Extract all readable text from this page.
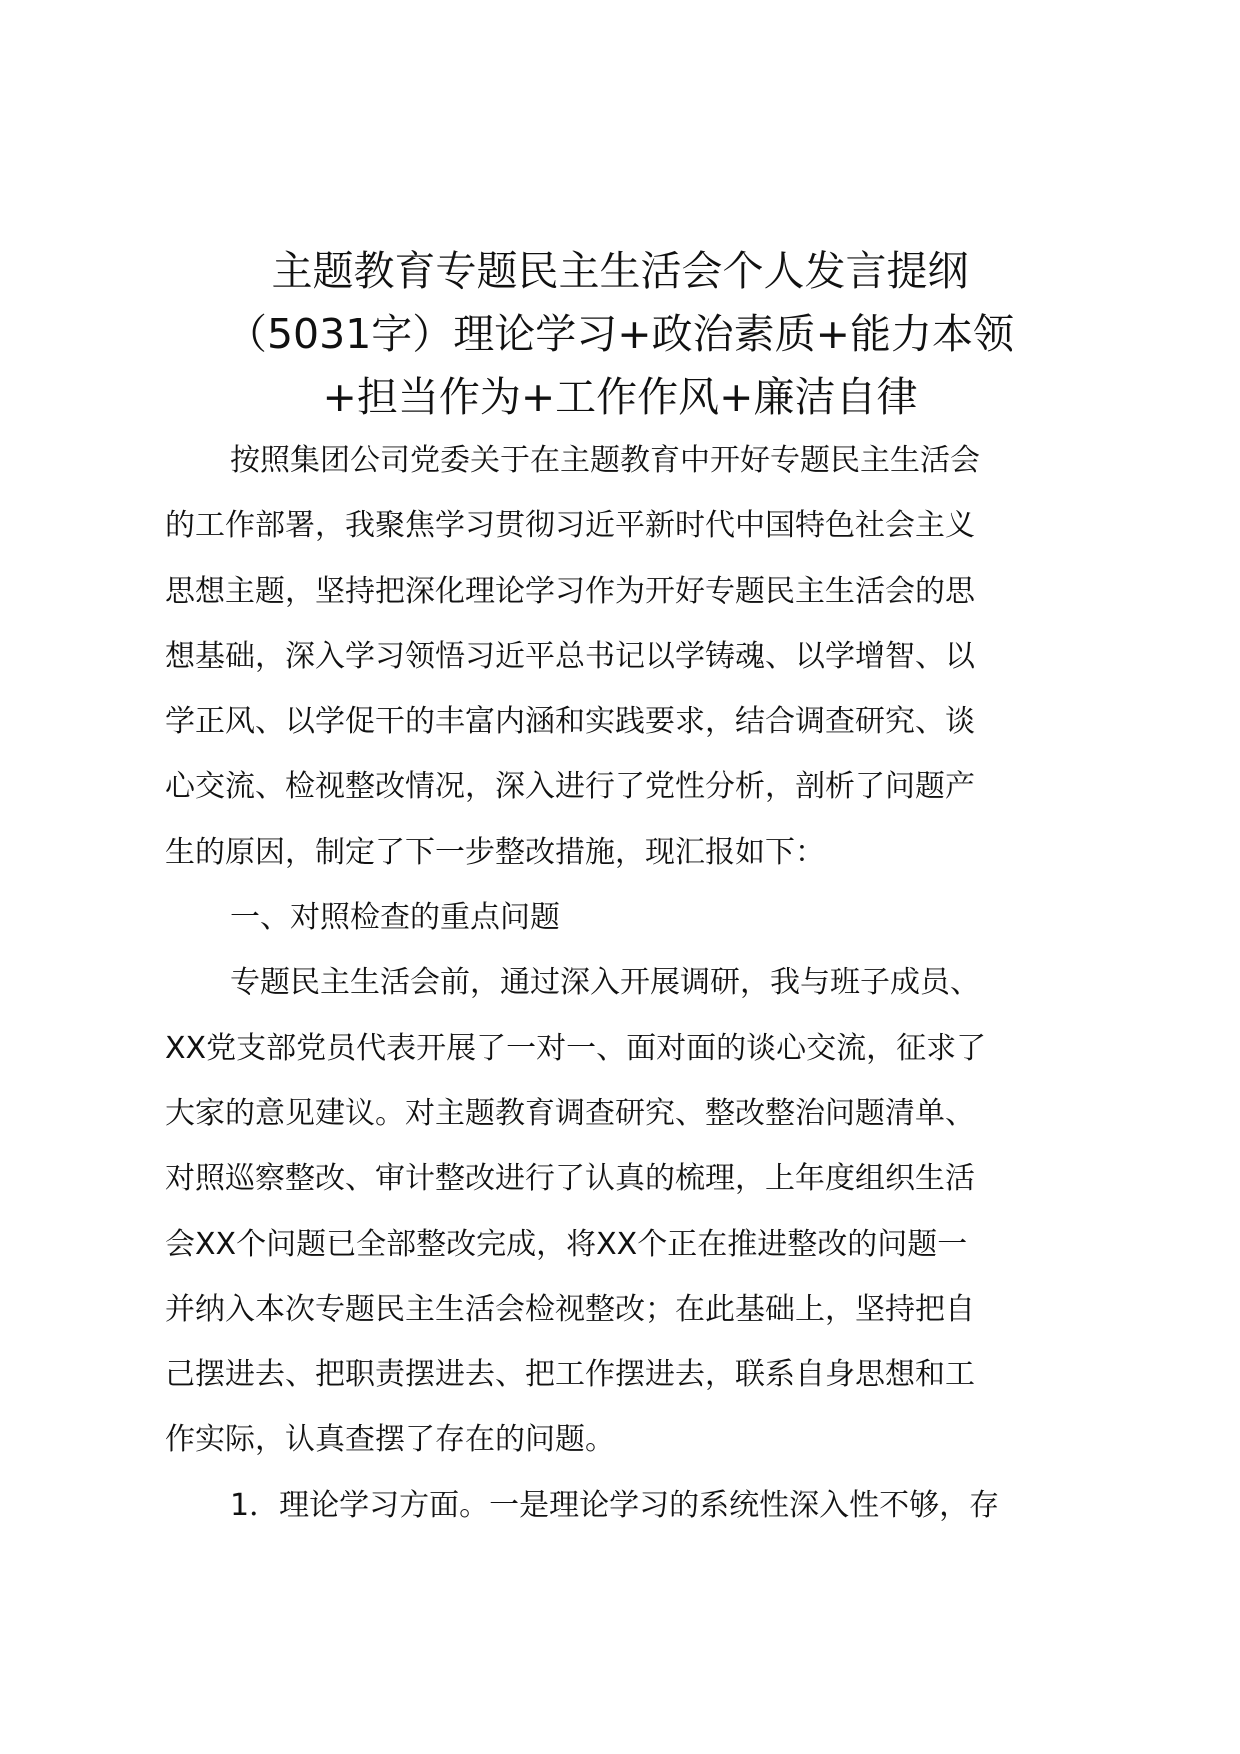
主题教育专题民主生活会个人发言提纲
（5031字）理论学习+政治素质+能力本领
+担当作为+工作作风+廉洁自律

按照集团公司党委关于在主题教育中开好专题民主生活会

的工作部署，我聚焦学习贯彻习近平新时代中国特色社会主义

思想主题，坚持把深化理论学习作为开好专题民主生活会的思

想基础，深入学习领悟习近平总书记以学铸魂、以学增智、以

学正风、以学促干的丰富内涵和实践要求，结合调查研究、谈

心交流、检视整改情况，深入进行了党性分析，剖析了问题产

生的原因，制定了下一步整改措施，现汇报如下：

一、对照检查的重点问题

专题民主生活会前，通过深入开展调研，我与班子成员、

XX党支部党员代表开展了一对一、面对面的谈心交流，征求了

大家的意见建议。对主题教育调查研究、整改整治问题清单、

对照巡察整改、审计整改进行了认真的梳理，上年度组织生活

会XX个问题已全部整改完成，将XX个正在推进整改的问题一

并纳入本次专题民主生活会检视整改；在此基础上，坚持把自

己摆进去、把职责摆进去、把工作摆进去，联系自身思想和工

作实际，认真查摆了存在的问题。

1．理论学习方面。一是理论学习的系统性深入性不够，存
